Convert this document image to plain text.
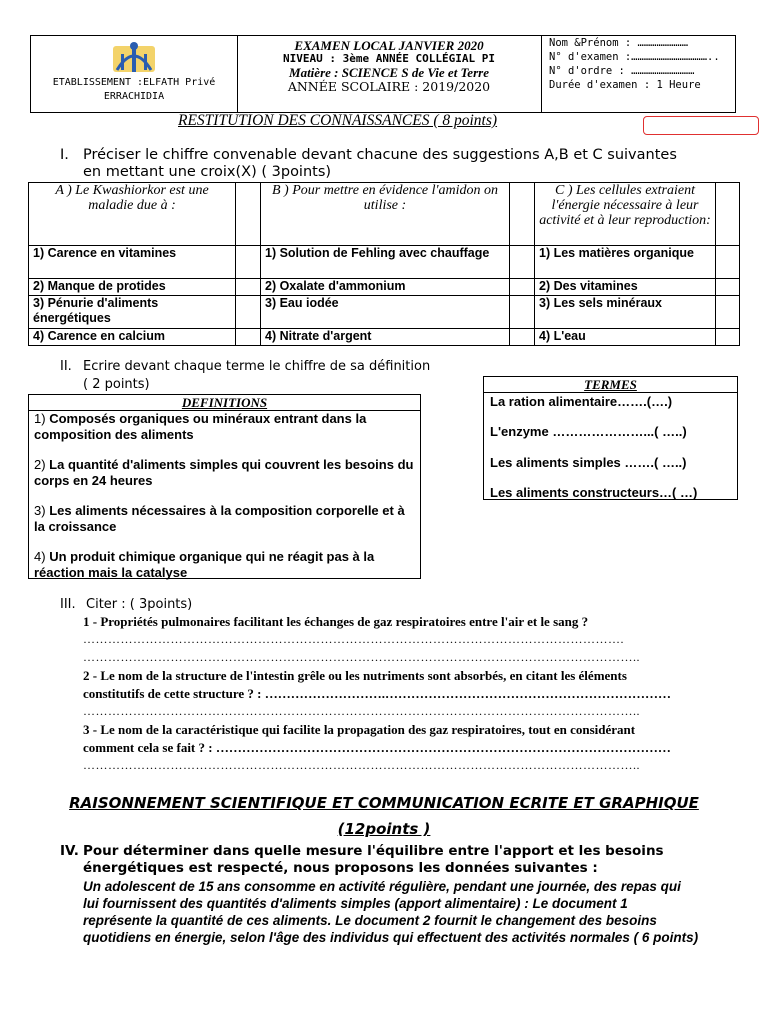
ETABLISSEMENT :ELFATH Privé
ERRACHIDIA
EXAMEN LOCAL JANVIER 2020
NIVEAU : 3ème ANNÉE COLLÉGIAL PI
Matière : SCIENCE S de Vie et Terre
ANNÉE SCOLAIRE : 2019/2020
Nom &Prénom : ……………………
N° d'examen :………………………………..
N° d'ordre : …………………………
Durée d'examen : 1 Heure
RESTITUTION DES CONNAISSANCES ( 8 points)
I. Préciser le chiffre convenable devant chacune des suggestions A,B et C suivantes
en mettant une croix(X) ( 3points)
A ) Le Kwashiorkor est une maladie due à :		B ) Pour mettre en évidence l'amidon on utilise :		C ) Les cellules extraient l'énergie nécessaire à leur activité et à leur reproduction:	
1) Carence en vitamines		1) Solution de Fehling avec chauffage		1) Les matières organique	
2) Manque de protides		2) Oxalate d'ammonium		2) Des vitamines	
3) Pénurie d'aliments énergétiques		3) Eau iodée		3) Les sels minéraux	
4) Carence en calcium		4) Nitrate d'argent		4) L'eau	
II. Ecrire devant chaque terme le chiffre de sa définition
( 2 points)
DEFINITIONS
1) Composés organiques ou minéraux entrant dans la composition des aliments
2) La quantité d'aliments simples qui couvrent les besoins du corps en 24 heures
3) Les aliments nécessaires à la composition corporelle et à la croissance
4) Un produit chimique organique qui ne réagit pas à la réaction mais la catalyse
TERMES
La ration alimentaire…….(….)
L'enzyme …………………...( …..)
Les aliments simples …….( …..)
Les aliments constructeurs…( …)
III. Citer : ( 3points)
1 - Propriétés pulmonaires facilitant les échanges de gaz respiratoires entre l'air et le sang ?
………………………………………………………………………………………………………………….
……………………………………………………………………………………………………………………..
2 - Le nom de la structure de l'intestin grêle ou les nutriments sont absorbés, en citant les éléments
constitutifs de cette structure ? : ……………………….…………………………………………………………
……………………………………………………………………………………………………………………..
3 - Le nom de la caractéristique qui facilite la propagation des gaz respiratoires, tout en considérant
comment cela se fait ? : ……………………………………………………………………………………………
……………………………………………………………………………………………………………………..
RAISONNEMENT SCIENTIFIQUE ET COMMUNICATION ECRITE ET GRAPHIQUE
(12points )
IV. Pour déterminer dans quelle mesure l'équilibre entre l'apport et les besoins
énergétiques est respecté, nous proposons les données suivantes :
Un adolescent de 15 ans consomme en activité régulière, pendant une journée, des repas qui
lui fournissent des quantités d'aliments simples (apport alimentaire) : Le document 1
représente la quantité de ces aliments. Le document 2 fournit le changement des besoins
quotidiens en énergie, selon l'âge des individus qui effectuent des activités normales ( 6 points)
